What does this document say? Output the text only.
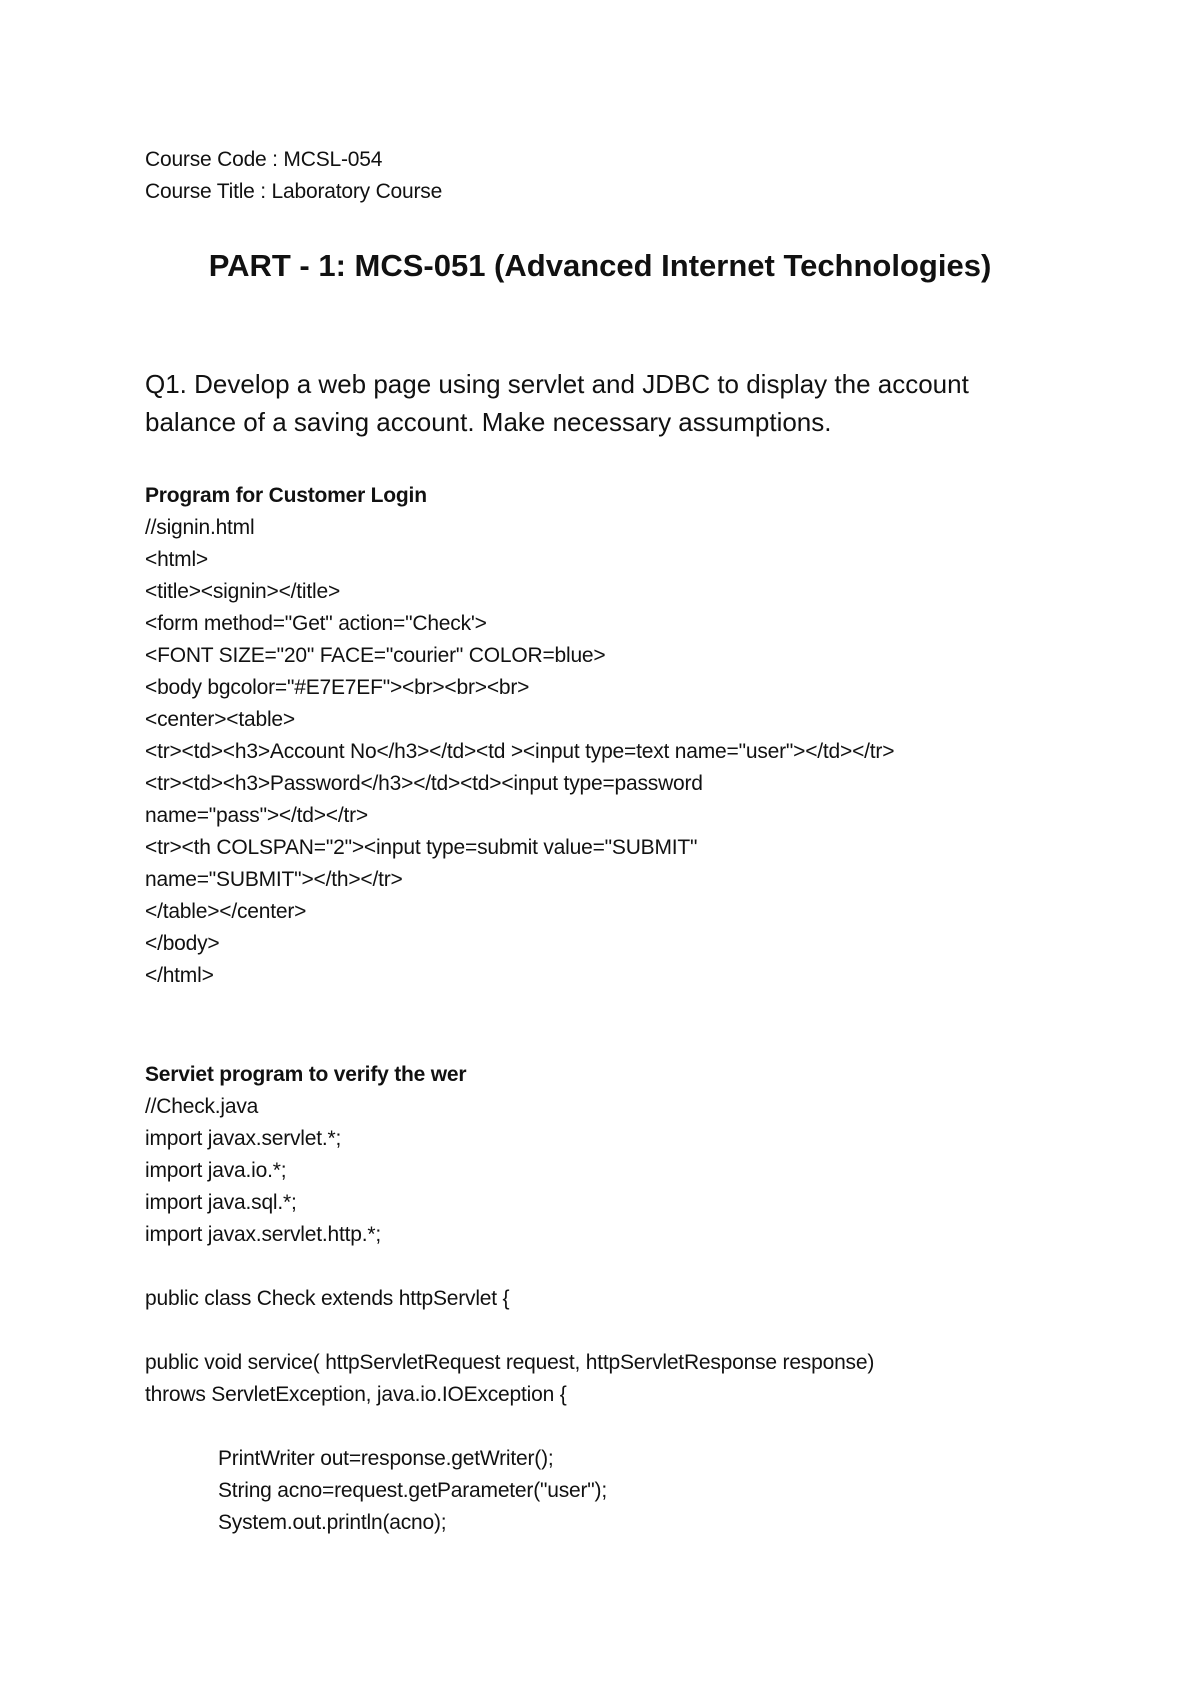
Course Code : MCSL-054
Course Title : Laboratory Course
PART - 1: MCS-051 (Advanced Internet Technologies)
Q1. Develop a web page using servlet and JDBC to display the account
balance of a saving account. Make necessary assumptions.
Program for Customer Login
//signin.html
<html>
<title><signin></title>
<form method="Get" action="Check'>
<FONT SIZE="20" FACE="courier" COLOR=blue>
<body bgcolor="#E7E7EF"><br><br><br>
<center><table>
<tr><td><h3>Account No</h3></td><td ><input type=text name="user"></td></tr>
<tr><td><h3>Password</h3></td><td><input type=password
name="pass"></td></tr>
<tr><th COLSPAN="2"><input type=submit value="SUBMIT"
name="SUBMIT"></th></tr>
</table></center>
</body>
</html>
Serviet program to verify the wer
//Check.java
import javax.servlet.*;
import java.io.*;
import java.sql.*;
import javax.servlet.http.*;
public class Check extends httpServlet {
public void service( httpServletRequest request, httpServletResponse response)
throws ServletException, java.io.IOException {
PrintWriter out=response.getWriter();
String acno=request.getParameter("user");
System.out.println(acno);
